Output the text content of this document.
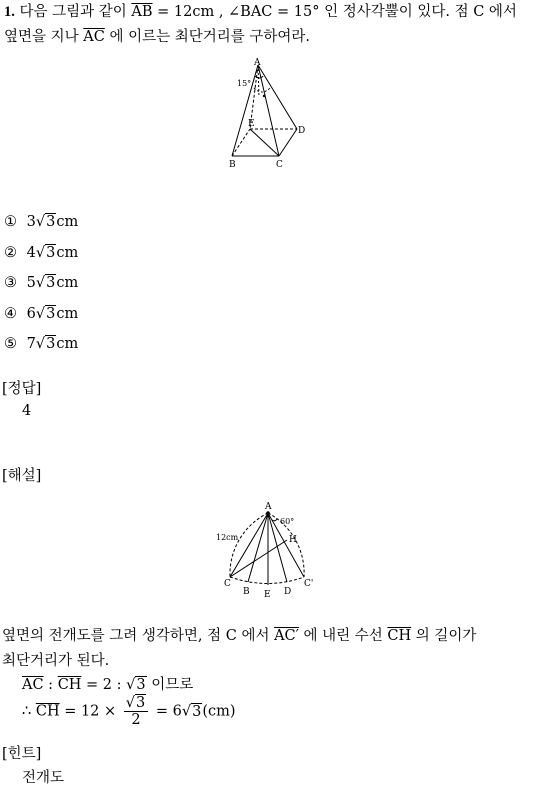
1. 다음 그림과 같이 $\overline{AB} = 12cm$ , ∠BAC = 15° 인 정사각뿔이 있다. 점 C 에서
옆면을 지나 $\overline{AC}$ 에 이르는 최단거리를 구하여라.
A
15°
E
D
B	C
① 3√3cm
② 4√3cm
③ 5√3cm
④ 6√3cm
⑤ 7√3cm
[정답]
4
[해설]
A
12cm
60°
H
C
B E D
C'
옆면의 전개도를 그려 생각하면, 점 C 에서 AC′ 에 내린 수선 $\overline{CH}$ 의 길이가
최단거리가 된다.
$\overline{AC}$ : $\overline{CH} = 2$ : √3 이므로
∴ $\overline{CH} = 12 \times \frac{√3}{2} = 6√3(cm)$
[힌트]
전개도
